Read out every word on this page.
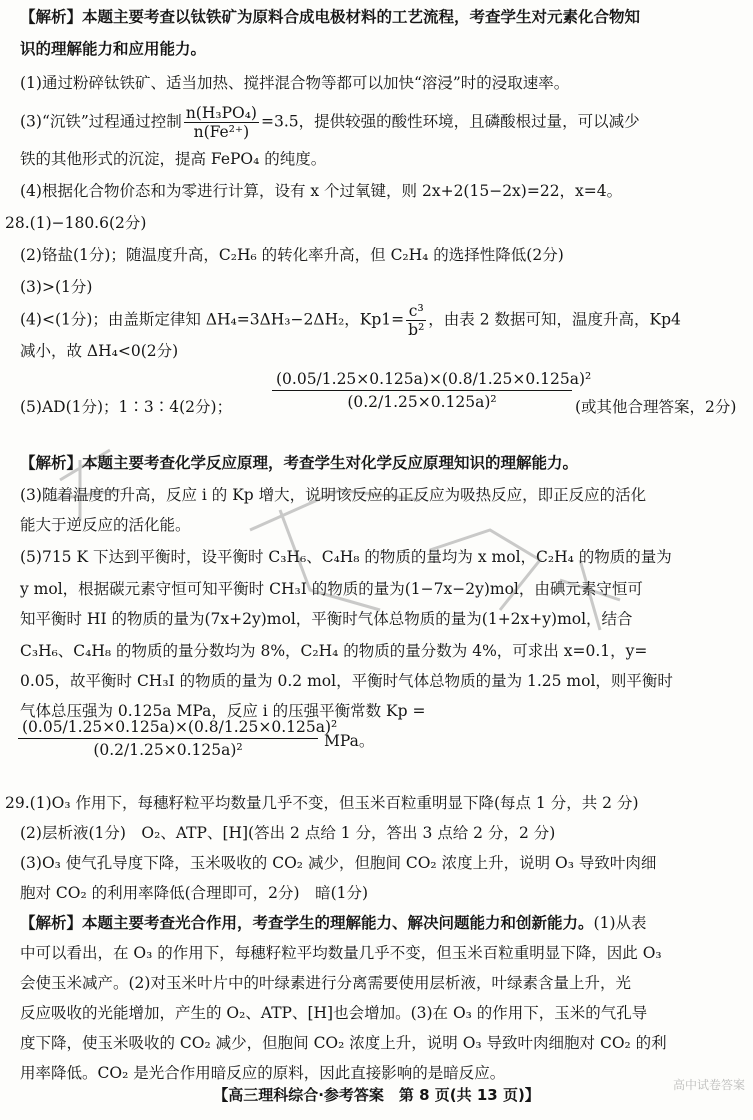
【解析】本题主要考查以钛铁矿为原料合成电极材料的工艺流程，考查学生对元素化合物知
识的理解能力和应用能力。
(1)通过粉碎钛铁矿、适当加热、搅拌混合物等都可以加快“溶浸”时的浸取速率。
(3)“沉铁”过程通过控制 $\frac{\text{n(H₃PO₄)}}{\text{n(Fe²⁺)}} =3.5$，提供较强的酸性环境，且磷酸根过量，可以减少
铁的其他形式的沉淀，提高 FePO₄ 的纯度。
(4)根据化合物价态和为零进行计算，设有 x 个过氧键，则 2x+2(15−2x)=22，x=4。
28.(1)−180.6(2分)
(2)铬盐(1分)；随温度升高，C₂H₆ 的转化率升高，但 C₂H₄ 的选择性降低(2分)
(3)>(1分)
(4)<(1分)；由盖斯定律知 ΔH₄=3ΔH₃−2ΔH₂，$Kp1= \frac{\text{c³}}{\text{b²}}$ ，由表 2 数据可知，温度升高，Kp4
减小，故 ΔH₄<0(2分)
(5)AD(1分)；1∶3∶4(2分)；
(0.05/1.25×0.125a)×(0.8/1.25×0.125a)²
(0.2/1.25×0.125a)²	(或其他合理答案，2分)
【解析】本题主要考查化学反应原理，考查学生对化学反应原理知识的理解能力。
(3)随着温度的升高，反应 i 的 Kp 增大，说明该反应的正反应为吸热反应，即正反应的活化
能大于逆反应的活化能。
(5)715 K 下达到平衡时，设平衡时 C₃H₆、C₄H₈ 的物质的量均为 x mol，C₂H₄ 的物质的量为
y mol，根据碳元素守恒可知平衡时 CH₃I 的物质的量为(1−7x−2y)mol，由碘元素守恒可
知平衡时 HI 的物质的量为(7x+2y)mol，平衡时气体总物质的量为(1+2x+y)mol，结合
C₃H₆、C₄H₈ 的物质的量分数均为 8%，C₂H₄ 的物质的量分数为 4%，可求出 x=0.1，y=
0.05，故平衡时 CH₃I 的物质的量为 0.2 mol，平衡时气体总物质的量为 1.25 mol，则平衡时
气体总压强为 0.125a MPa，反应 i 的压强平衡常数 Kp =
(0.05/1.25×0.125a)×(0.8/1.25×0.125a)²
(0.2/1.25×0.125a)²	MPa。
29.(1)O₃ 作用下，每穗籽粒平均数量几乎不变，但玉米百粒重明显下降(每点 1 分，共 2 分)
(2)层析液(1分)　O₂、ATP、[H](答出 2 点给 1 分，答出 3 点给 2 分，2 分)
(3)O₃ 使气孔导度下降，玉米吸收的 CO₂ 减少，但胞间 CO₂ 浓度上升，说明 O₃ 导致叶肉细
胞对 CO₂ 的利用率降低(合理即可，2分)　暗(1分)
【解析】本题主要考查光合作用，考查学生的理解能力、解决问题能力和创新能力。(1)从表
中可以看出，在 O₃ 的作用下，每穗籽粒平均数量几乎不变，但玉米百粒重明显下降，因此 O₃
会使玉米减产。(2)对玉米叶片中的叶绿素进行分离需要使用层析液，叶绿素含量上升，光
反应吸收的光能增加，产生的 O₂、ATP、[H]也会增加。(3)在 O₃ 的作用下，玉米的气孔导
度下降，使玉米吸收的 CO₂ 减少，但胞间 CO₂ 浓度上升，说明 O₃ 导致叶肉细胞对 CO₂ 的利
用率降低。CO₂ 是光合作用暗反应的原料，因此直接影响的是暗反应。
【高三理科综合·参考答案　第 8 页(共 13 页)】
高中试卷答案
